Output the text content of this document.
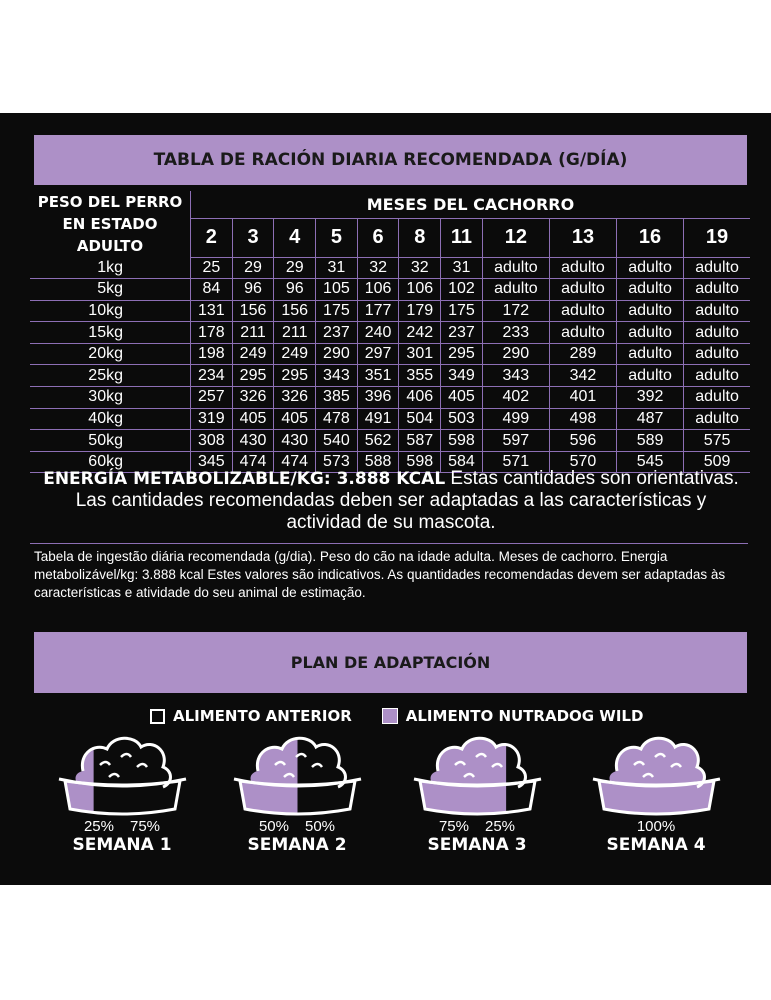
TABLA DE RACIÓN DIARIA RECOMENDADA (G/DÍA)
PESO DEL PERRO
EN ESTADO ADULTO	MESES DEL CACHORRO										
	2	3	4	5	6	8	11	12	13	16	19
1kg	25	29	29	31	32	32	31	adulto	adulto	adulto	adulto
5kg	84	96	96	105	106	106	102	adulto	adulto	adulto	adulto
10kg	131	156	156	175	177	179	175	172	adulto	adulto	adulto
15kg	178	211	211	237	240	242	237	233	adulto	adulto	adulto
20kg	198	249	249	290	297	301	295	290	289	adulto	adulto
25kg	234	295	295	343	351	355	349	343	342	adulto	adulto
30kg	257	326	326	385	396	406	405	402	401	392	adulto
40kg	319	405	405	478	491	504	503	499	498	487	adulto
50kg	308	430	430	540	562	587	598	597	596	589	575
60kg	345	474	474	573	588	598	584	571	570	545	509
ENERGÍA METABOLIZABLE/KG: 3.888 KCAL Estas cantidades son orientativas. Las cantidades recomendadas deben ser adaptadas a las características y actividad de su mascota.
Tabela de ingestão diária recomendada (g/dia). Peso do cão na idade adulta. Meses de cachorro. Energia metabolizável/kg: 3.888 kcal Estes valores são indicativos. As quantidades recomendadas devem ser adaptadas às características e atividade do seu animal de estimação.
PLAN DE ADAPTACIÓN
ALIMENTO ANTERIOR	ALIMENTO NUTRADOG WILD
25% 75%
SEMANA 1
50% 50%
SEMANA 2
75% 25%
SEMANA 3
100%
SEMANA 4
